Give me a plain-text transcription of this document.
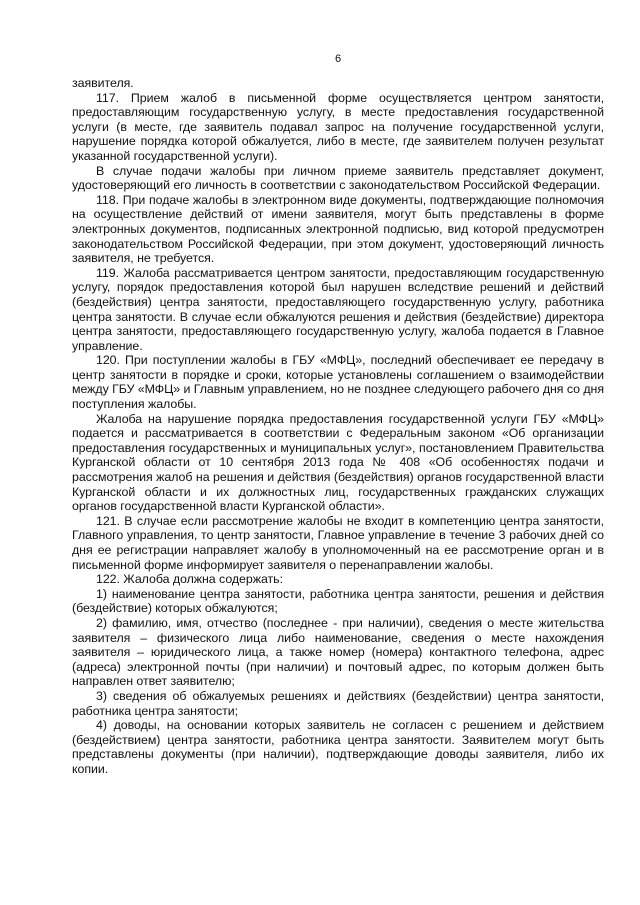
6

заявителя.

117. Прием жалоб в письменной форме осуществляется центром занятости, предоставляющим государственную услугу, в месте предоставления государственной услуги (в месте, где заявитель подавал запрос на получение государственной услуги, нарушение порядка которой обжалуется, либо в месте, где заявителем получен результат указанной государственной услуги).

В случае подачи жалобы при личном приеме заявитель представляет документ, удостоверяющий его личность в соответствии с законодательством Российской Федерации.

118. При подаче жалобы в электронном виде документы, подтверждающие полномочия на осуществление действий от имени заявителя, могут быть представлены в форме электронных документов, подписанных электронной подписью, вид которой предусмотрен законодательством Российской Федерации, при этом документ, удостоверяющий личность заявителя, не требуется.

119. Жалоба рассматривается центром занятости, предоставляющим государственную услугу, порядок предоставления которой был нарушен вследствие решений и действий (бездействия) центра занятости, предоставляющего государственную услугу, работника центра занятости. В случае если обжалуются решения и действия (бездействие) директора центра занятости, предоставляющего государственную услугу, жалоба подается в Главное управление.

120. При поступлении жалобы в ГБУ «МФЦ», последний обеспечивает ее передачу в центр занятости в порядке и сроки, которые установлены соглашением о взаимодействии между ГБУ «МФЦ» и Главным управлением, но не позднее следующего рабочего дня со дня поступления жалобы.

Жалоба на нарушение порядка предоставления государственной услуги ГБУ «МФЦ» подается и рассматривается в соответствии с Федеральным законом «Об организации предоставления государственных и муниципальных услуг», постановлением Правительства Курганской области от 10 сентября 2013 года № 408 «Об особенностях подачи и рассмотрения жалоб на решения и действия (бездействия) органов государственной власти Курганской области и их должностных лиц, государственных гражданских служащих органов государственной власти Курганской области».

121. В случае если рассмотрение жалобы не входит в компетенцию центра занятости, Главного управления, то центр занятости, Главное управление в течение 3 рабочих дней со дня ее регистрации направляет жалобу в уполномоченный на ее рассмотрение орган и в письменной форме информирует заявителя о перенаправлении жалобы.

122. Жалоба должна содержать:

1) наименование центра занятости, работника центра занятости, решения и действия (бездействие) которых обжалуются;

2) фамилию, имя, отчество (последнее - при наличии), сведения о месте жительства заявителя – физического лица либо наименование, сведения о месте нахождения заявителя – юридического лица, а также номер (номера) контактного телефона, адрес (адреса) электронной почты (при наличии) и почтовый адрес, по которым должен быть направлен ответ заявителю;

3) сведения об обжалуемых решениях и действиях (бездействии) центра занятости, работника центра занятости;

4) доводы, на основании которых заявитель не согласен с решением и действием (бездействием) центра занятости, работника центра занятости. Заявителем могут быть представлены документы (при наличии), подтверждающие доводы заявителя, либо их копии.
